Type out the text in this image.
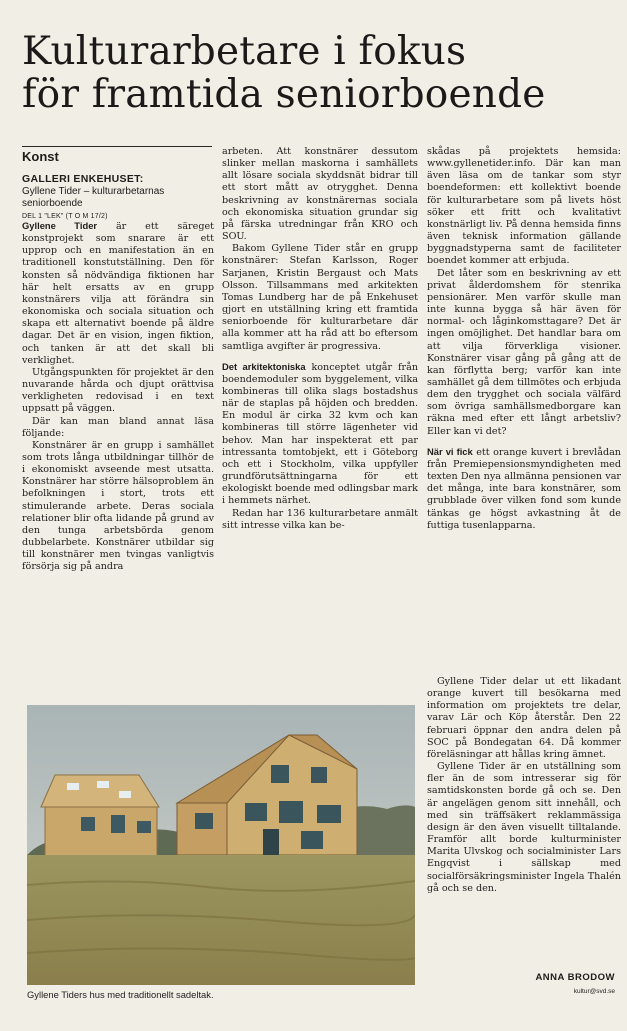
Kulturarbetare i fokus
för framtida seniorboende
Konst
GALLERI ENKEHUSET:
Gyllene Tider – kulturarbetarnas seniorboende
DEL 1 "LEK" (T O M 17/2)

Gyllene Tider är ett säreget konstprojekt som snarare är ett upprop och en manifestation än en traditionell konstutställning. Den för konsten så nödvändiga fiktionen har här helt ersatts av en grupp konstnärers vilja att förändra sin ekonomiska och sociala situation och skapa ett alternativt boende på äldre dagar. Det är en vision, ingen fiktion, och tanken är att det skall bli verklighet.

Utgångspunkten för projektet är den nuvarande hårda och djupt orättvisa verkligheten redovisad i en text uppsatt på väggen.

Där kan man bland annat läsa följande:

Konstnärer är en grupp i samhället som trots långa utbildningar tillhör de i ekonomiskt avseende mest utsatta. Konstnärer har större hälsoproblem än befolkningen i stort, trots ett stimulerande arbete. Deras sociala relationer blir ofta lidande på grund av den tunga arbetsbörda genom dubbelarbete. Konstnärer utbildar sig till konstnärer men tvingas vanligtvis försörja sig på andra

arbeten. Att konstnärer dessutom slinker mellan maskorna i samhällets allt lösare sociala skyddsnät bidrar till ett stort mått av otrygghet. Denna beskrivning av konstnärernas sociala och ekonomiska situation grundar sig på färska utredningar från KRO och SOU.

Bakom Gyllene Tider står en grupp konstnärer: Stefan Karlsson, Roger Sarjanen, Kristin Bergaust och Mats Olsson. Tillsammans med arkitekten Tomas Lundberg har de på Enkehuset gjort en utställning kring ett framtida seniorboende för kulturarbetare där alla kommer att ha råd att bo eftersom samtliga avgifter är progressiva.

Det arkitektoniska konceptet utgår från boendemoduler som byggelement, vilka kombineras till olika slags bostadshus när de staplas på höjden och bredden. En modul är cirka 32 kvm och kan kombineras till större lägenheter vid behov. Man har inspekterat ett par intressanta tomtobjekt, ett i Göteborg och ett i Stockholm, vilka uppfyller grundförutsättningarna för ett ekologiskt boende med odlingsbar mark i hemmets närhet.

Redan har 136 kulturarbetare anmält sitt intresse vilka kan be-

skådas på projektets hemsida: www.gyllenetider.info. Där kan man även läsa om de tankar som styr boendeformen: ett kollektivt boende för kulturarbetare som på livets höst söker ett fritt och kvalitativt konstnärligt liv. På denna hemsida finns även teknisk information gällande byggnadstyperna samt de faciliteter boendet kommer att erbjuda.

Det låter som en beskrivning av ett privat ålderdomshem för stenrika pensionärer. Men varför skulle man inte kunna bygga så här även för normal- och låginkomsttagare? Det är ingen omöjlighet. Det handlar bara om att vilja förverkliga visioner. Konstnärer visar gång på gång att de kan förflytta berg; varför kan inte samhället gå dem tillmötes och erbjuda dem den trygghet och sociala välfärd som övriga samhällsmedborgare kan räkna med efter ett långt arbetsliv? Eller kan vi det?

När vi fick ett orange kuvert i brevlådan från Premiepensionsmyndigheten med texten Den nya allmänna pensionen var det många, inte bara konstnärer, som grubblade över vilken fond som kunde tänkas ge högst avkastning åt de futtiga tusenlapparna.

Gyllene Tider delar ut ett likadant orange kuvert till besökarna med information om projektets tre delar, varav Lär och Köp återstår. Den 22 februari öppnar den andra delen på SOC på Bondegatan 64. Då kommer föreläsningar att hållas kring ämnet.

Gyllene Tider är en utställning som fler än de som intresserar sig för samtidskonsten borde gå och se. Den är angelägen genom sitt innehåll, och med sin träffsäkert reklammässiga design är den även visuellt tilltalande. Framför allt borde kulturminister Marita Ulvskog och socialminister Lars Engqvist i sällskap med socialförsäkringsminister Ingela Thalén gå och se den.

Gyllene Tiders hus med traditionellt sadeltak.
ANNA BRODOW
kultur@svd.se
